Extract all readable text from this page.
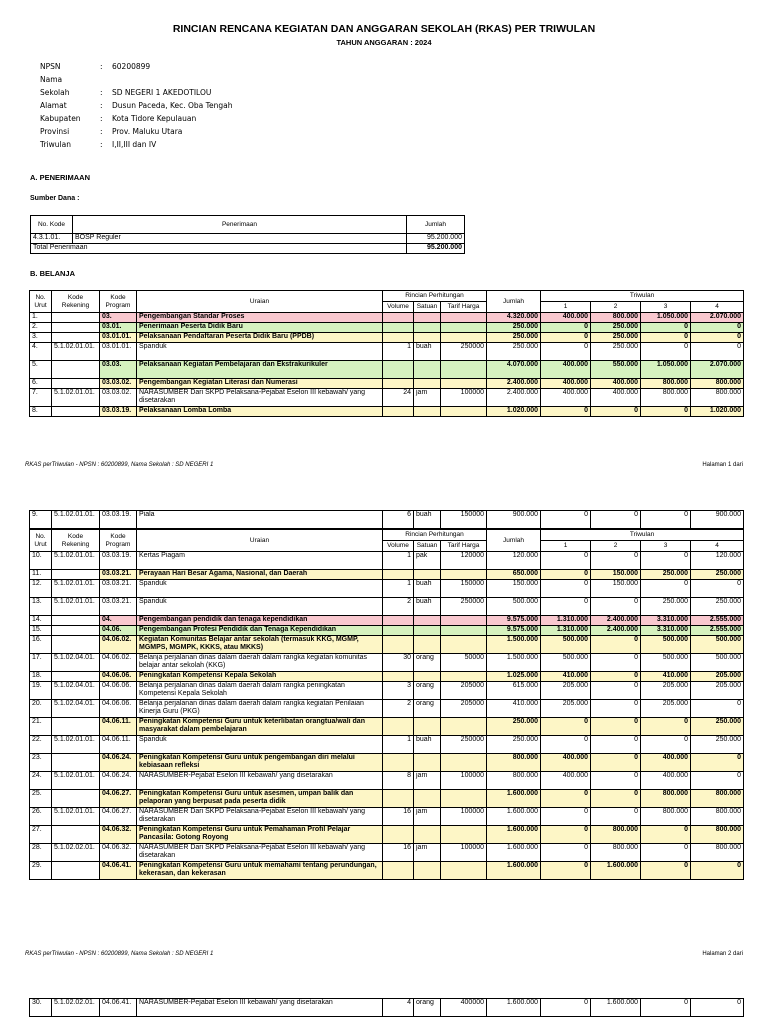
RINCIAN RENCANA KEGIATAN DAN ANGGARAN SEKOLAH (RKAS) PER TRIWULAN
TAHUN ANGGARAN : 2024
NPSN	:	60200899
Nama
Sekolah	:	SD NEGERI 1 AKEDOTILOU
Alamat	:	Dusun Paceda, Kec. Oba Tengah
Kabupaten	:	Kota Tidore Kepulauan
Provinsi	:	Prov. Maluku Utara
Triwulan	:	I,II,III dan IV
A. PENERIMAAN
Sumber Dana :
No. Kode	Penerimaan	Jumlah
4.3.1.01.	BOSP Reguler	95.200.000
Total Penerimaan		95.200.000
B. BELANJA
No. Urut	Kode Rekening	Kode Program	Uraian	Rincian Perhitungan			Jumlah	Triwulan			
				Volume	Satuan	Tarif Harga		1	2	3	4
1.		03.	Pengembangan Standar Proses				4.320.000	400.000	800.000	1.050.000	2.070.000
2.		03.01.	Penerimaan Peserta Didik Baru				250.000	0	250.000	0	0
3.		03.01.01.	Pelaksanaan Pendaftaran Peserta Didik Baru (PPDB)				250.000	0	250.000	0	0
4.	5.1.02.01.01.	03.01.01.	Spanduk	1	buah	250000	250.000	0	250.000	0	0
5.		03.03.	Pelaksanaan Kegiatan Pembelajaran dan Ekstrakurikuler				4.070.000	400.000	550.000	1.050.000	2.070.000
6.		03.03.02.	Pengembangan Kegiatan Literasi dan Numerasi				2.400.000	400.000	400.000	800.000	800.000
7.	5.1.02.01.01.	03.03.02.	NARASUMBER Dari SKPD Pelaksana-Pejabat Eselon III kebawah/ yang disetarakan	24	jam	100000	2.400.000	400.000	400.000	800.000	800.000
8.		03.03.19.	Pelaksanaan Lomba Lomba				1.020.000	0	0	0	1.020.000
RKAS perTriwulan - NPSN : 60200899, Nama Sekolah : SD NEGERI 1	Halaman 1 dari
9.	5.1.02.01.01.	03.03.19.	Piala	6	buah	150000	900.000	0	0	0	900.000
No. Urut	Kode Rekening	Kode Program	Uraian	Rincian Perhitungan			Jumlah	Triwulan			
				Volume	Satuan	Tarif Harga		1	2	3	4
10.	5.1.02.01.01.	03.03.19.	Kertas Piagam	1	pak	120000	120.000	0	0	0	120.000
11.		03.03.21.	Perayaan Hari Besar Agama, Nasional, dan Daerah				650.000	0	150.000	250.000	250.000
12.	5.1.02.01.01.	03.03.21.	Spanduk	1	buah	150000	150.000	0	150.000	0	0
13.	5.1.02.01.01.	03.03.21.	Spanduk	2	buah	250000	500.000	0	0	250.000	250.000
14.		04.	Pengembangan pendidik dan tenaga kependidikan				9.575.000	1.310.000	2.400.000	3.310.000	2.555.000
15.		04.06.	Pengembangan Profesi Pendidik dan Tenaga Kependidikan				9.575.000	1.310.000	2.400.000	3.310.000	2.555.000
16.		04.06.02.	Kegiatan Komunitas Belajar antar sekolah (termasuk KKG, MGMP, MGMPS, MGMPK, KKKS, atau MKKS)				1.500.000	500.000	0	500.000	500.000
17.	5.1.02.04.01.	04.06.02.	Belanja perjalanan dinas dalam daerah dalam rangka kegiatan komunitas belajar antar sekolah (KKG)	30	orang	50000	1.500.000	500.000	0	500.000	500.000
18.		04.06.06.	Peningkatan Kompetensi Kepala Sekolah				1.025.000	410.000	0	410.000	205.000
19.	5.1.02.04.01.	04.06.06.	Belanja perjalanan dinas dalam daerah dalam rangka peningkatan Kompetensi Kepala Sekolah	3	orang	205000	615.000	205.000	0	205.000	205.000
20.	5.1.02.04.01.	04.06.06.	Belanja perjalanan dinas dalam daerah dalam rangka kegiatan Penilaian Kinerja Guru (PKG)	2	orang	205000	410.000	205.000	0	205.000	0
21.		04.06.11.	Peningkatan Kompetensi Guru untuk keterlibatan orangtua/wali dan masyarakat dalam pembelajaran				250.000	0	0	0	250.000
22.	5.1.02.01.01.	04.06.11.	Spanduk	1	buah	250000	250.000	0	0	0	250.000
23.		04.06.24.	Peningkatan Kompetensi Guru untuk pengembangan diri melalui kebiasaan refleksi				800.000	400.000	0	400.000	0
24.	5.1.02.01.01.	04.06.24.	NARASUMBER-Pejabat Eselon III kebawah/ yang disetarakan	8	jam	100000	800.000	400.000	0	400.000	0
25.		04.06.27.	Peningkatan Kompetensi Guru untuk asesmen, umpan balik dan pelaporan yang berpusat pada peserta didik				1.600.000	0	0	800.000	800.000
26.	5.1.02.01.01.	04.06.27.	NARASUMBER Dari SKPD Pelaksana-Pejabat Eselon III kebawah/ yang disetarakan	16	jam	100000	1.600.000	0	0	800.000	800.000
27.		04.06.32.	Peningkatan Kompetensi Guru untuk Pemahaman Profil Pelajar Pancasila: Gotong Royong				1.600.000	0	800.000	0	800.000
28.	5.1.02.02.01.	04.06.32.	NARASUMBER Dari SKPD Pelaksana-Pejabat Eselon III kebawah/ yang disetarakan	16	jam	100000	1.600.000	0	800.000	0	800.000
29.		04.06.41.	Peningkatan Kompetensi Guru untuk memahami tentang perundungan, kekerasan, dan kekerasan				1.600.000	0	1.600.000	0	0
RKAS perTriwulan - NPSN : 60200899, Nama Sekolah : SD NEGERI 1	Halaman 2 dari
30.	5.1.02.02.01.	04.06.41.	NARASUMBER-Pejabat Eselon III kebawah/ yang disetarakan	4	orang	400000	1.600.000	0	1.600.000	0	0
